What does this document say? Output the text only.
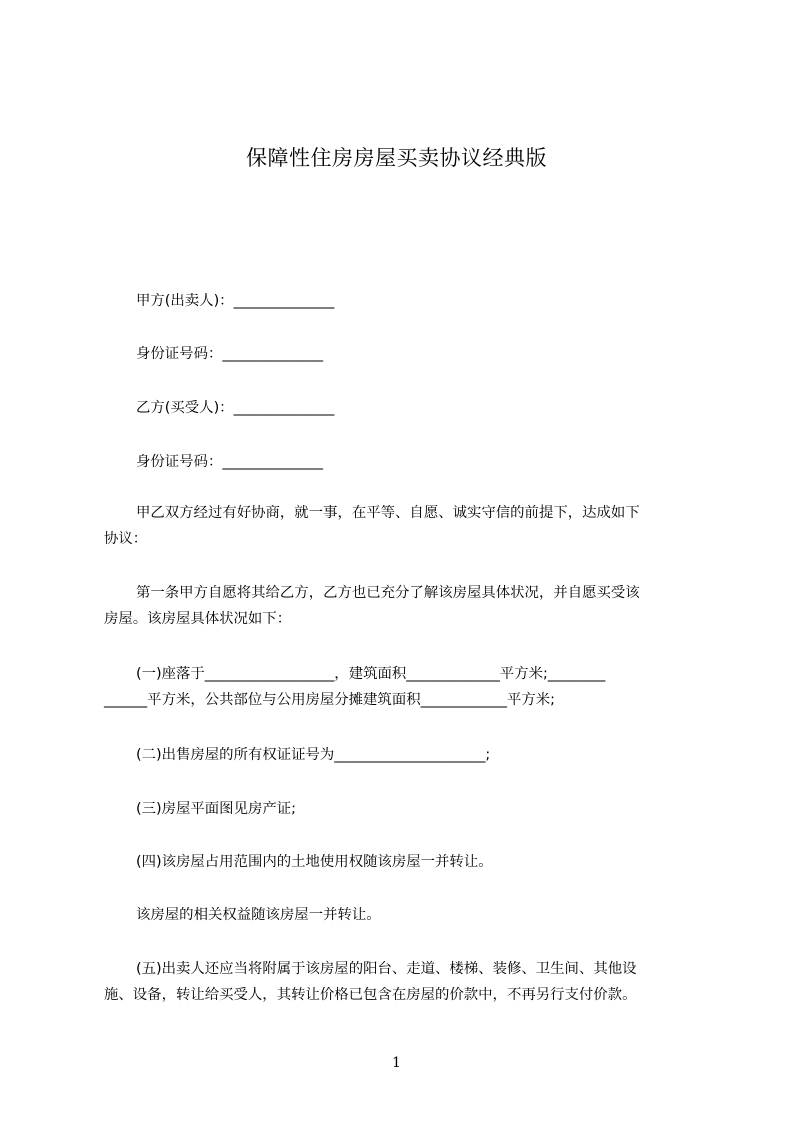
保障性住房房屋买卖协议经典版
甲方(出卖人)：______________
身份证号码：______________
乙方(买受人)：______________
身份证号码：______________
甲乙双方经过有好协商，就一事，在平等、自愿、诚实守信的前提下，达成如下
协议：
第一条甲方自愿将其给乙方，乙方也已充分了解该房屋具体状况，并自愿买受该
房屋。该房屋具体状况如下：
(一)座落于__________________，建筑面积_____________平方米;________
______平方米，公共部位与公用房屋分摊建筑面积____________平方米;
(二)出售房屋的所有权证证号为_____________________;
(三)房屋平面图见房产证;
(四)该房屋占用范围内的土地使用权随该房屋一并转让。
该房屋的相关权益随该房屋一并转让。
(五)出卖人还应当将附属于该房屋的阳台、走道、楼梯、装修、卫生间、其他设
施、设备，转让给买受人，其转让价格已包含在房屋的价款中，不再另行支付价款。
1
